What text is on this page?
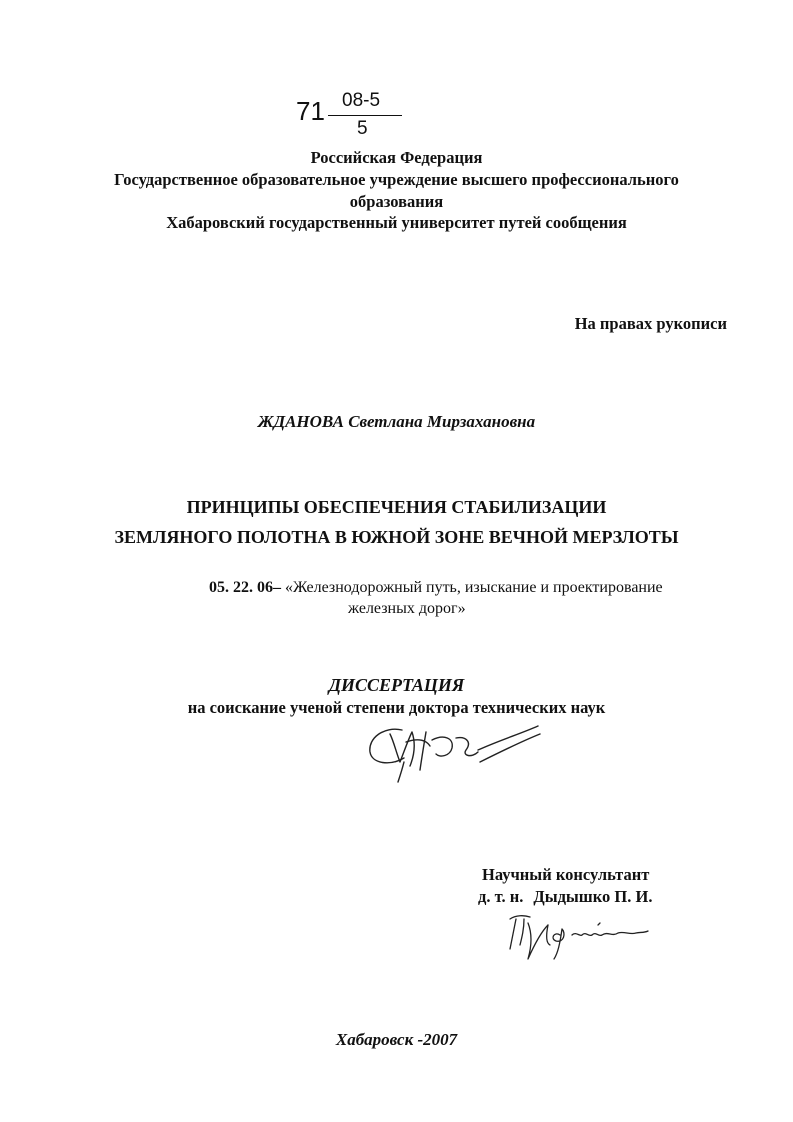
71 08-5
5
Российская Федерация
Государственное образовательное учреждение высшего профессионального
образования
Хабаровский государственный университет путей сообщения
На правах рукописи
ЖДАНОВА Светлана Мирзахановна
ПРИНЦИПЫ ОБЕСПЕЧЕНИЯ СТАБИЛИЗАЦИИ
ЗЕМЛЯНОГО ПОЛОТНА В ЮЖНОЙ ЗОНЕ ВЕЧНОЙ МЕРЗЛОТЫ
05. 22. 06– «Железнодорожный путь, изыскание и проектирование
железных дорог»
ДИССЕРТАЦИЯ
на соискание ученой степени доктора технических наук
Научный консультант
д. т. н. Дыдышко П. И.
Хабаровск -2007
